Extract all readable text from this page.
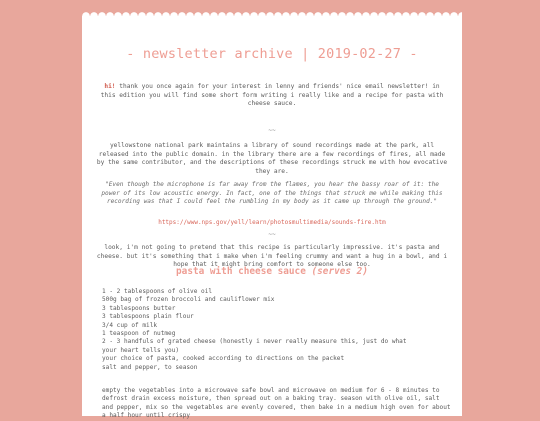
- newsletter archive | 2019-02-27 -
hi! thank you once again for your interest in lenny and friends' nice email newsletter! in this edition you will find some short form writing i really like and a recipe for pasta with cheese sauce.
~~
yellowstone national park maintains a library of sound recordings made at the park, all released into the public domain. in the library there are a few recordings of fires, all made by the same contributor, and the descriptions of these recordings struck me with how evocative they are.
"Even though the microphone is far away from the flames, you hear the bassy roar of it: the power of its low acoustic energy. In fact, one of the things that struck me while making this recording was that I could feel the rumbling in my body as it came up through the ground."
https://www.nps.gov/yell/learn/photosmultimedia/sounds-fire.htm
~~
look, i'm not going to pretend that this recipe is particularly impressive. it's pasta and cheese. but it's something that i make when i'm feeling crummy and want a hug in a bowl, and i hope that it might bring comfort to someone else too.
pasta with cheese sauce (serves 2)
1 - 2 tablespoons of olive oil
500g bag of frozen broccoli and cauliflower mix
3 tablespoons butter
3 tablespoons plain flour
3/4 cup of milk
1 teaspoon of nutmeg
2 - 3 handfuls of grated cheese (honestly i never really measure this, just do what
your heart tells you)
your choice of pasta, cooked according to directions on the packet
salt and pepper, to season
empty the vegetables into a microwave safe bowl and microwave on medium for 6 - 8 minutes to defrost drain excess moisture, then spread out on a baking tray. season with olive oil, salt and pepper, mix so the vegetables are evenly covered, then bake in a medium high oven for about a half hour until crispy
